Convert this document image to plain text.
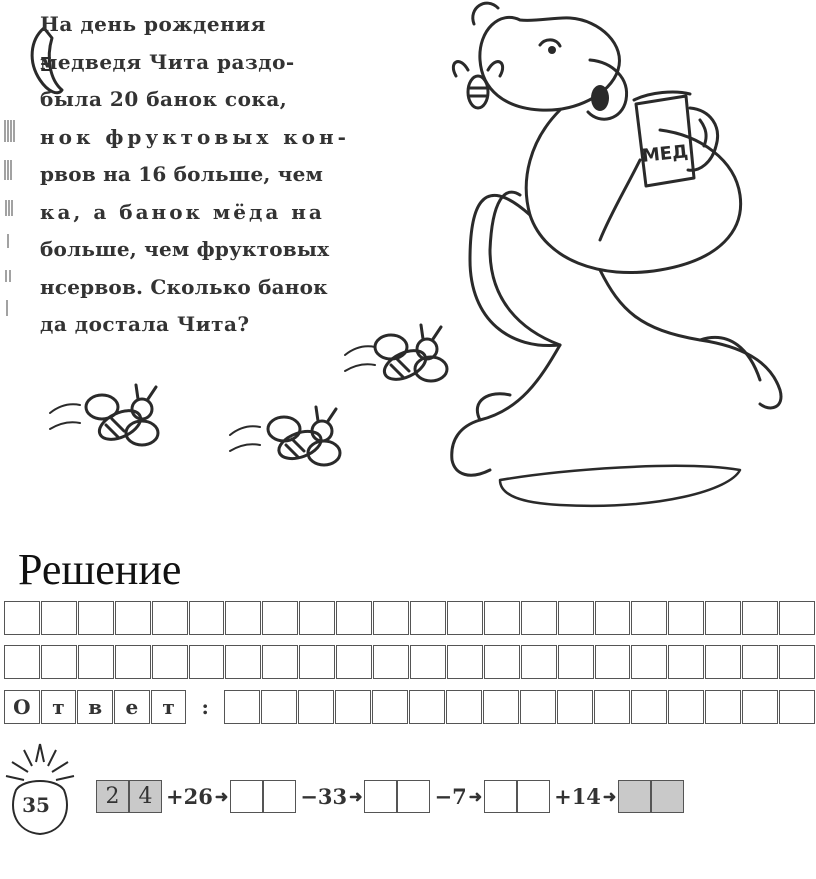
МЕД
На день рождения
медведя Чита раздо-
была 20 банок сока,
нок фруктовых кон-
рвов на 16 больше, чем
ка, а банок мёда на
больше, чем фруктовых
нсервов. Сколько банок
да достала Чита?
Решение
О	т	в	е	т	:
35	2 4 +26 ➜	−33 ➜	−7 ➜	+14 ➜
